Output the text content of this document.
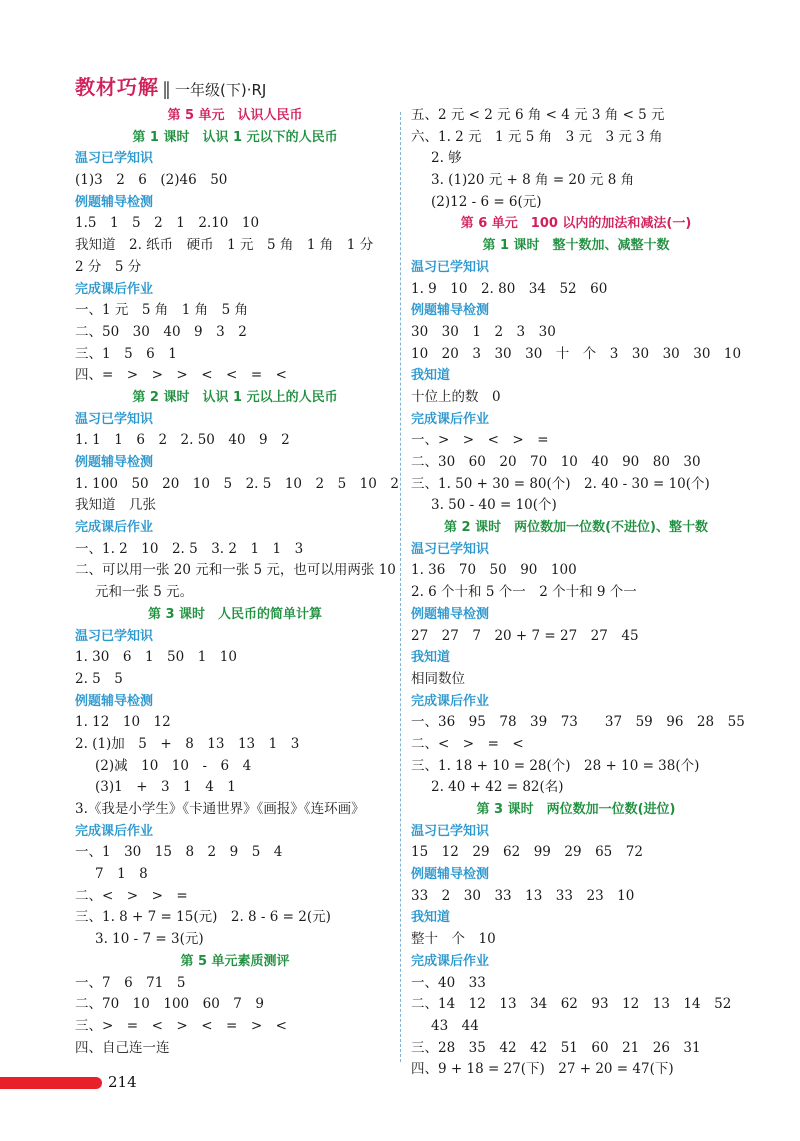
教材巧解 ‖ 一年级(下)·RJ
第 5 单元　认识人民币
第 1 课时　认识 1 元以下的人民币
温习已学知识
(1)3　2　6　(2)46　50
例题辅导检测
1.5　1　5　2　1　2.10　10
我知道　2. 纸币　硬币　1 元　5 角　1 角　1 分
2 分　5 分
完成课后作业
一、1 元　5 角　1 角　5 角
二、50　30　40　9　3　2
三、1　5　6　1
四、=　>　>　>　<　<　=　<
第 2 课时　认识 1 元以上的人民币
温习已学知识
1. 1　1　6　2　2. 50　40　9　2
例题辅导检测
1. 100　50　20　10　5　2. 5　10　2　5　10　2
我知道　几张
完成课后作业
一、1. 2　10　2. 5　3. 2　1　1　3
二、可以用一张 20 元和一张 5 元，也可以用两张 10
元和一张 5 元。
第 3 课时　人民币的简单计算
温习已学知识
1. 30　6　1　50　1　10
2. 5　5
例题辅导检测
1. 12　10　12
2. (1)加　5　+　8　13　13　1　3
(2)减　10　10　-　6　4
(3)1　+　3　1　4　1
3.《我是小学生》《卡通世界》《画报》《连环画》
完成课后作业
一、1　30　15　8　2　9　5　4
7　1　8
二、<　>　>　=
三、1. 8 + 7 = 15(元)　2. 8 - 6 = 2(元)
3. 10 - 7 = 3(元)
第 5 单元素质测评
一、7　6　71　5
二、70　10　100　60　7　9
三、>　=　<　>　<　=　>　<
四、自己连一连
五、2 元 < 2 元 6 角 < 4 元 3 角 < 5 元
六、1. 2 元　1 元 5 角　3 元　3 元 3 角
2. 够
3. (1)20 元 + 8 角 = 20 元 8 角
(2)12 - 6 = 6(元)
第 6 单元　100 以内的加法和减法(一)
第 1 课时　整十数加、减整十数
温习已学知识
1. 9　10　2. 80　34　52　60
例题辅导检测
30　30　1　2　3　30
10　20　3　30　30　十　个　3　30　30　30　10
我知道
十位上的数　0
完成课后作业
一、>　>　<　>　=
二、30　60　20　70　10　40　90　80　30
三、1. 50 + 30 = 80(个)　2. 40 - 30 = 10(个)
3. 50 - 40 = 10(个)
第 2 课时　两位数加一位数(不进位)、整十数
温习已学知识
1. 36　70　50　90　100
2. 6 个十和 5 个一　2 个十和 9 个一
例题辅导检测
27　27　7　20 + 7 = 27　27　45
我知道
相同数位
完成课后作业
一、36　95　78　39　73　　37　59　96　28　55
二、<　>　=　<
三、1. 18 + 10 = 28(个)　28 + 10 = 38(个)
2. 40 + 42 = 82(名)
第 3 课时　两位数加一位数(进位)
温习已学知识
15　12　29　62　99　29　65　72
例题辅导检测
33　2　30　33　13　33　23　10
我知道
整十　个　10
完成课后作业
一、40　33
二、14　12　13　34　62　93　12　13　14　52
43　44
三、28　35　42　42　51　60　21　26　31
四、9 + 18 = 27(下)　27 + 20 = 47(下)
214
